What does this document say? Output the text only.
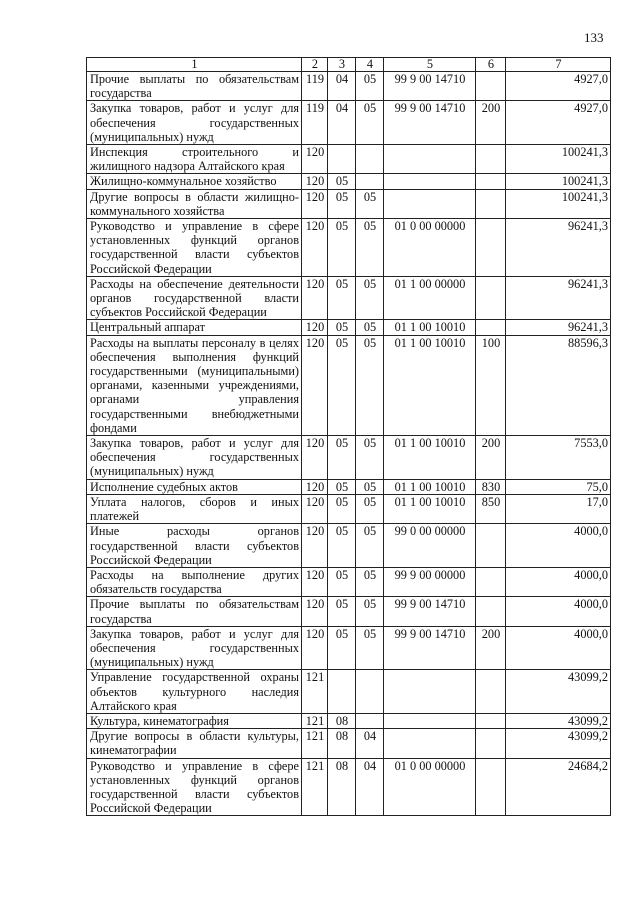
133
1	2	3	4	5	6	7
Прочие выплаты по обязательствам государства	119	04	05	99 9 00 14710		4927,0
Закупка товаров, работ и услуг для обеспечения государственных (муниципальных) нужд	119	04	05	99 9 00 14710	200	4927,0
Инспекция строительного и жилищного надзора Алтайского края	120					100241,3
Жилищно-коммунальное хозяйство	120	05				100241,3
Другие вопросы в области жилищно-коммунального хозяйства	120	05	05			100241,3
Руководство и управление в сфере установленных функций органов государственной власти субъектов Российской Федерации	120	05	05	01 0 00 00000		96241,3
Расходы на обеспечение деятельности органов государственной власти субъектов Российской Федерации	120	05	05	01 1 00 00000		96241,3
Центральный аппарат	120	05	05	01 1 00 10010		96241,3
Расходы на выплаты персоналу в целях обеспечения выполнения функций государственными (муниципальными) органами, казенными учреждениями, органами управления государственными внебюджетными фондами	120	05	05	01 1 00 10010	100	88596,3
Закупка товаров, работ и услуг для обеспечения государственных (муниципальных) нужд	120	05	05	01 1 00 10010	200	7553,0
Исполнение судебных актов	120	05	05	01 1 00 10010	830	75,0
Уплата налогов, сборов и иных платежей	120	05	05	01 1 00 10010	850	17,0
Иные расходы органов государственной власти субъектов Российской Федерации	120	05	05	99 0 00 00000		4000,0
Расходы на выполнение других обязательств государства	120	05	05	99 9 00 00000		4000,0
Прочие выплаты по обязательствам государства	120	05	05	99 9 00 14710		4000,0
Закупка товаров, работ и услуг для обеспечения государственных (муниципальных) нужд	120	05	05	99 9 00 14710	200	4000,0
Управление государственной охраны объектов культурного наследия Алтайского края	121					43099,2
Культура, кинематография	121	08				43099,2
Другие вопросы в области культуры, кинематографии	121	08	04			43099,2
Руководство и управление в сфере установленных функций органов государственной власти субъектов Российской Федерации	121	08	04	01 0 00 00000		24684,2
